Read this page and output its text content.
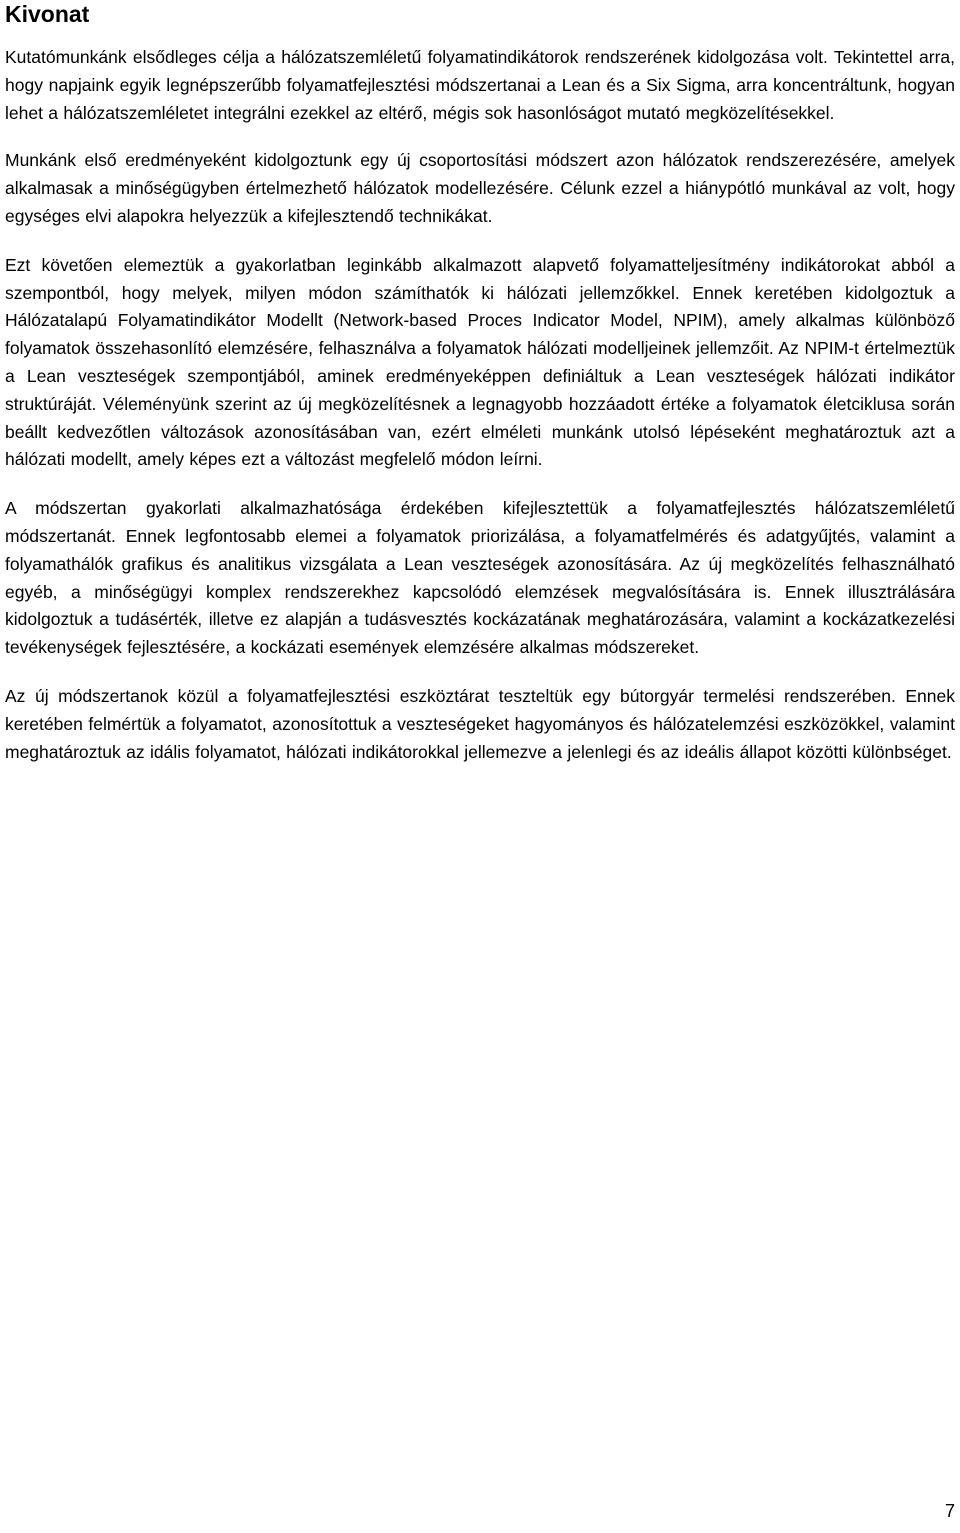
Kivonat

Kutatómunkánk elsődleges célja a hálózatszemléletű folyamatindikátorok rendszerének kidolgozása volt. Tekintettel arra, hogy napjaink egyik legnépszerűbb folyamatfejlesztési módszertanai a Lean és a Six Sigma, arra koncentráltunk, hogyan lehet a hálózatszemléletet integrálni ezekkel az eltérő, mégis sok hasonlóságot mutató megközelítésekkel.

Munkánk első eredményeként kidolgoztunk egy új csoportosítási módszert azon hálózatok rendszerezésére, amelyek alkalmasak a minőségügyben értelmezhető hálózatok modellezésére. Célunk ezzel a hiánypótló munkával az volt, hogy egységes elvi alapokra helyezzük a kifejlesztendő technikákat.

Ezt követően elemeztük a gyakorlatban leginkább alkalmazott alapvető folyamatteljesítmény indikátorokat abból a szempontból, hogy melyek, milyen módon számíthatók ki hálózati jellemzőkkel. Ennek keretében kidolgoztuk a Hálózatalapú Folyamatindikátor Modellt (Network-based Proces Indicator Model, NPIM), amely alkalmas különböző folyamatok összehasonlító elemzésére, felhasználva a folyamatok hálózati modelljeinek jellemzőit. Az NPIM-t értelmeztük a Lean veszteségek szempontjából, aminek eredményeképpen definiáltuk a Lean veszteségek hálózati indikátor struktúráját. Véleményünk szerint az új megközelítésnek a legnagyobb hozzáadott értéke a folyamatok életciklusa során beállt kedvezőtlen változások azonosításában van, ezért elméleti munkánk utolsó lépéseként meghatároztuk azt a hálózati modellt, amely képes ezt a változást megfelelő módon leírni.

A módszertan gyakorlati alkalmazhatósága érdekében kifejlesztettük a folyamatfejlesztés hálózatszemléletű módszertanát. Ennek legfontosabb elemei a folyamatok priorizálása, a folyamatfelmérés és adatgyűjtés, valamint a folyamathálók grafikus és analitikus vizsgálata a Lean veszteségek azonosítására. Az új megközelítés felhasználható egyéb, a minőségügyi komplex rendszerekhez kapcsolódó elemzések megvalósítására is. Ennek illusztrálására kidolgoztuk a tudásérték, illetve ez alapján a tudásvesztés kockázatának meghatározására, valamint a kockázatkezelési tevékenységek fejlesztésére, a kockázati események elemzésére alkalmas módszereket.

Az új módszertanok közül a folyamatfejlesztési eszköztárat teszteltük egy bútorgyár termelési rendszerében. Ennek keretében felmértük a folyamatot, azonosítottuk a veszteségeket hagyományos és hálózatelemzési eszközökkel, valamint meghatároztuk az idális folyamatot, hálózati indikátorokkal jellemezve a jelenlegi és az ideális állapot közötti különbséget.

7
